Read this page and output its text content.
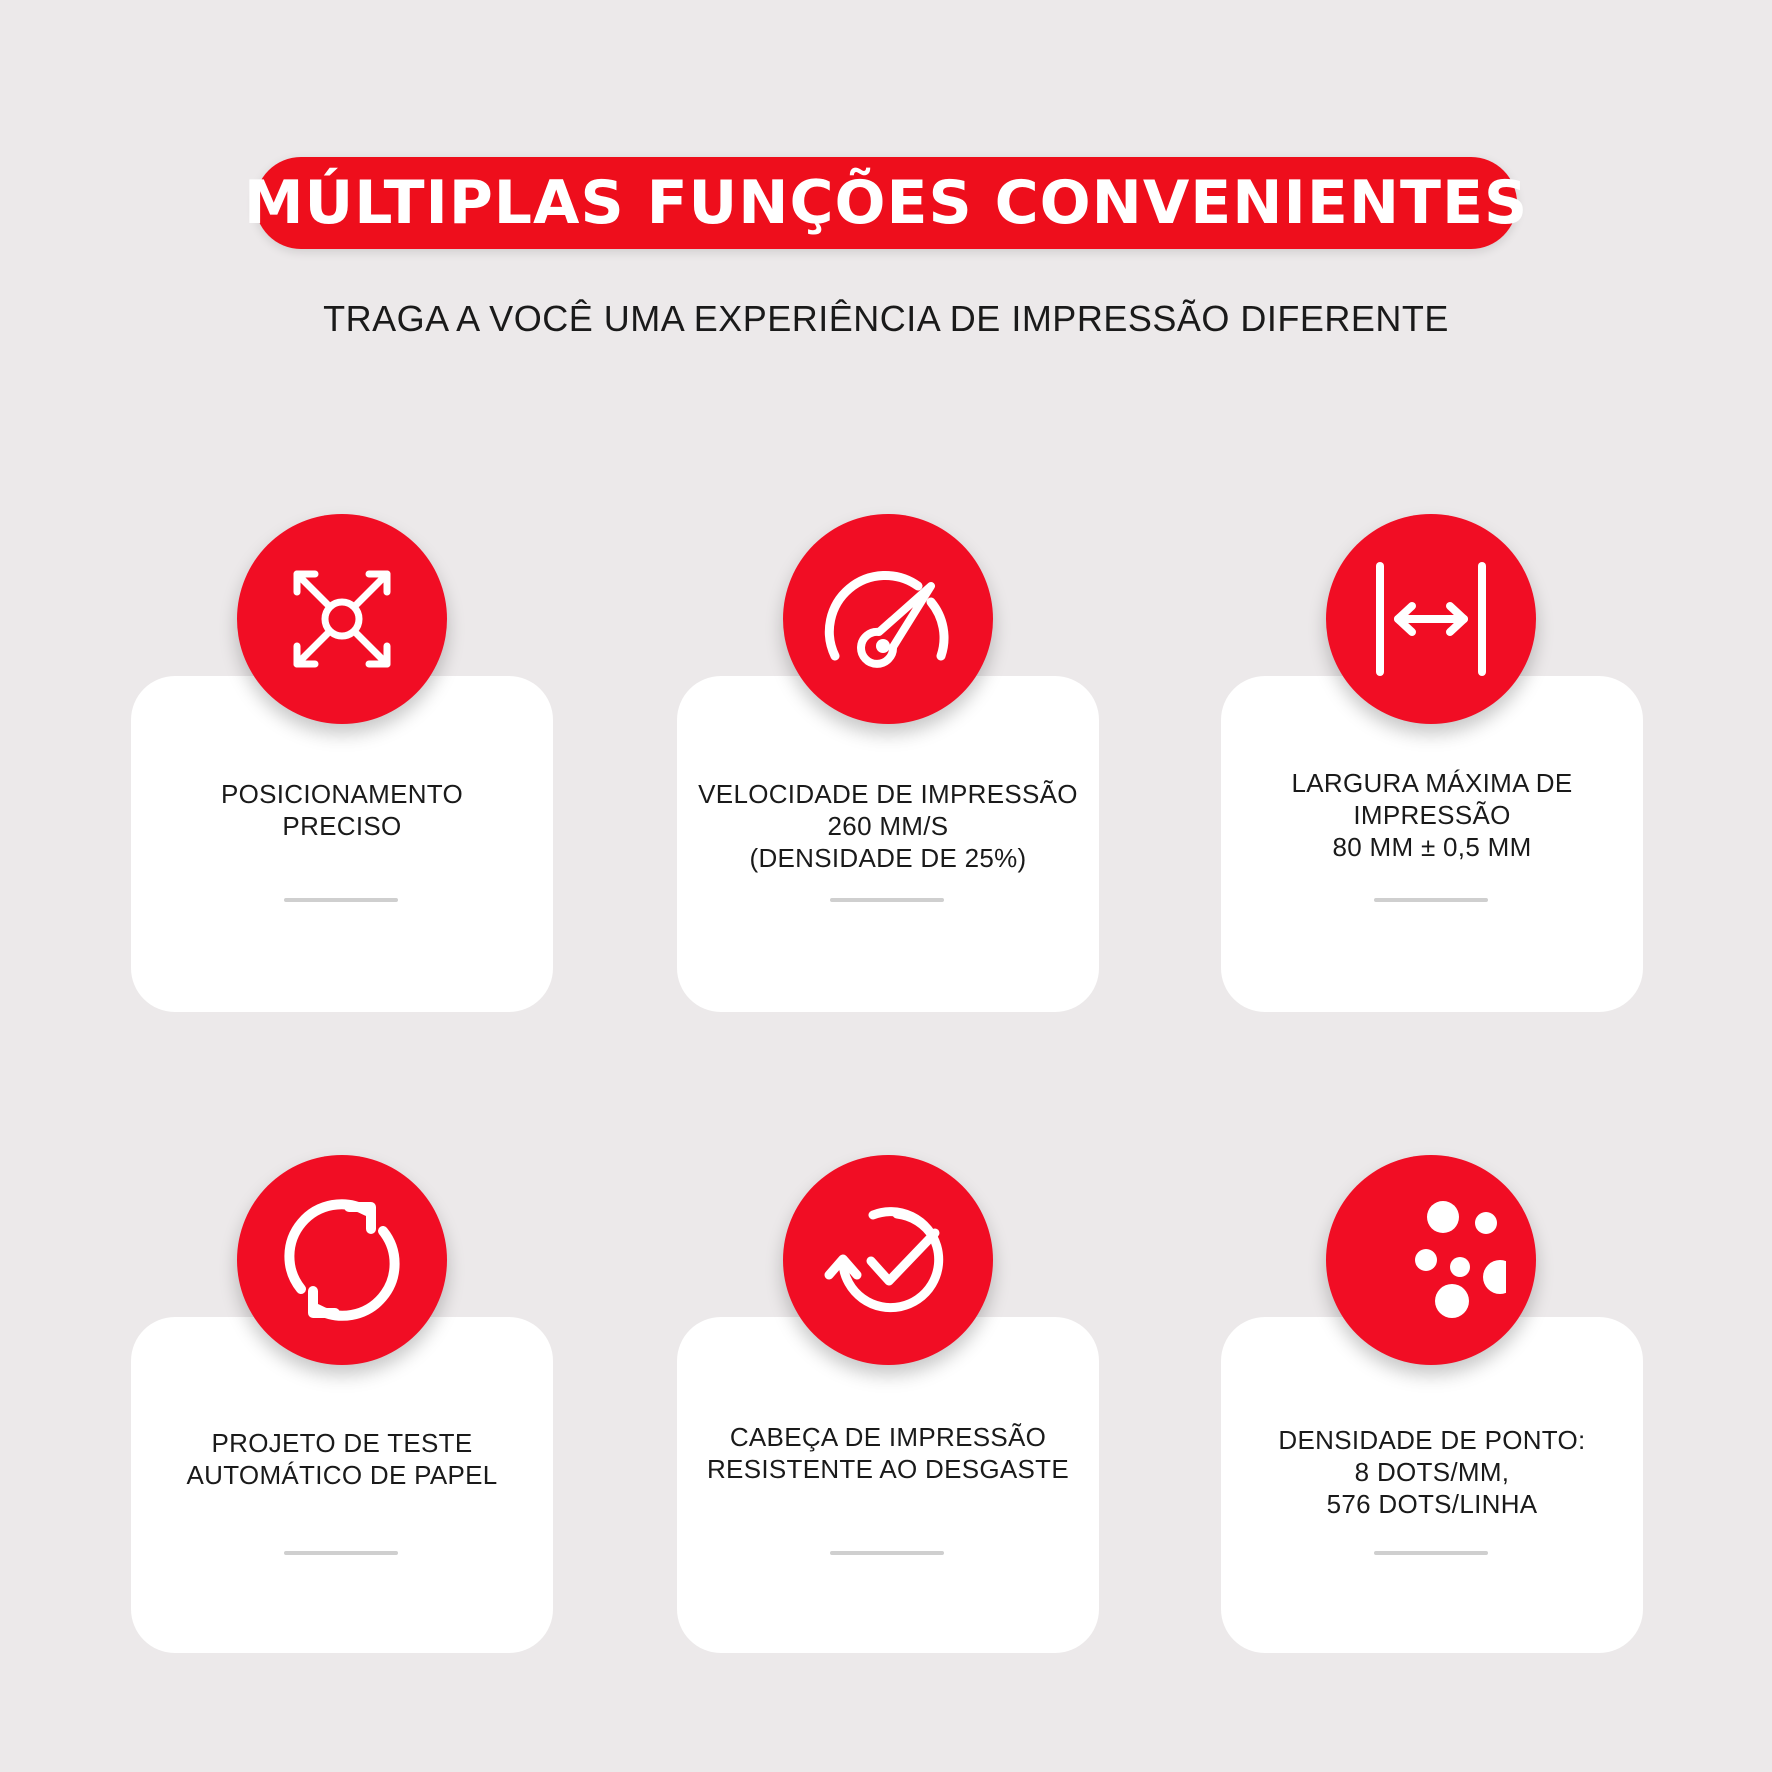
MÚLTIPLAS FUNÇÕES CONVENIENTES
TRAGA A VOCÊ UMA EXPERIÊNCIA DE IMPRESSÃO DIFERENTE
POSICIONAMENTO
PRECISO
VELOCIDADE DE IMPRESSÃO
260 MM/S
(DENSIDADE DE 25%)
LARGURA MÁXIMA DE
IMPRESSÃO
80 MM ± 0,5 MM
PROJETO DE TESTE
AUTOMÁTICO DE PAPEL
CABEÇA DE IMPRESSÃO
RESISTENTE AO DESGASTE
DENSIDADE DE PONTO:
8 DOTS/MM,
576 DOTS/LINHA
